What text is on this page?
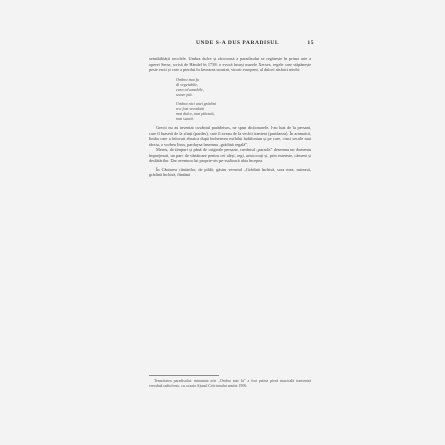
UNDE S-A DUS PARADISUL	15

sensibilității secolele. Umbra dulce și răcoroasă a paradisului se regăsește în prima arie a operei Serse, scrisă de Händel în 1738: o evocă însuși marele Xerxes, regele care stăpânește peste eroii și care a pierdut în favoarea noastră, vitorii europeni, al dulcei răsfoiri medii:

Ombra mai fu
di vegetabile,
cara ed amabile,
soave più.
Umbra nici unei grădini
n-a fost vreodată
mai dulce, mai plăcută,
mai suavă.

Grecii nu au inventat cuvântul paràdeisos, ne spun dicționarele, l-au luat de la persani, care îl luaseră de la sfinți (pardes), care îl aveau de la vechii iranieni (paridaeza). În aramaică, limba care a înlocuit ebraica după încheierea exilului babilonian și pe care, cinci secole mai târziu, o vorbea Iisus, pardaysa însemna „grădină regală”.

Mereu, de timpuri și până de originile persane, cuvântul „paradis” desemna un domeniu împrejmuit, un parc de vânătoare pentru cei aleși, regi, aristocrați și, prin extensie, cămeni și desfătărilor. Dar aventura lui proprie-zis pe-rsalizacă abia începea.

În Cântarea cântărilor, de pildă, găsim versetul „Grădină închisă, sora mea, mireasă, grădină închisă, fântână

Tenacitatea paradisului: minunata arie „Ombra mai fu” a fost prima piesă muzicală transmisă vreodată radiofonic, cu ocazia Ajunul Crăciunului anului 1906.
